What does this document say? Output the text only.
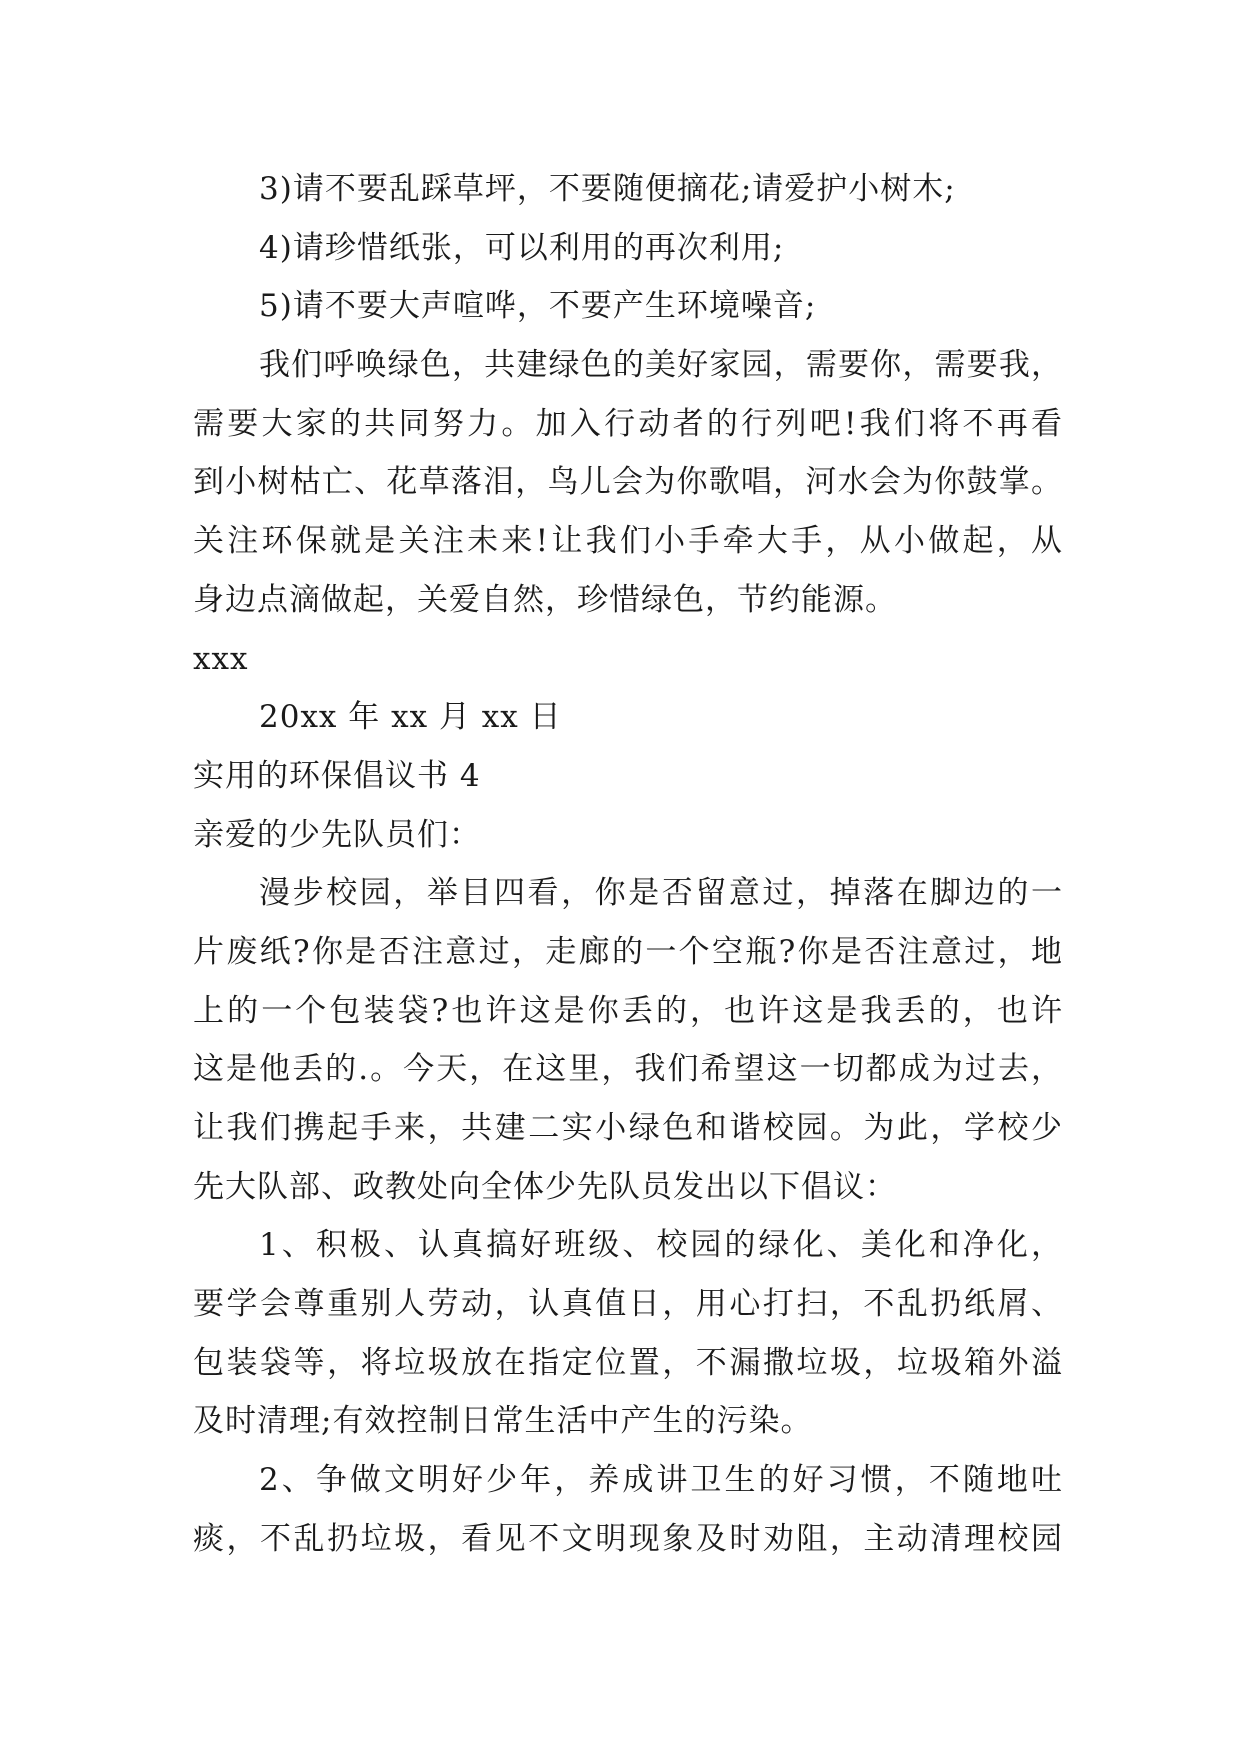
3)请不要乱踩草坪，不要随便摘花;请爱护小树木;
4)请珍惜纸张，可以利用的再次利用;
5)请不要大声喧哗，不要产生环境噪音;
我们呼唤绿色，共建绿色的美好家园，需要你，需要我，
需要大家的共同努力。加入行动者的行列吧!我们将不再看
到小树枯亡、花草落泪，鸟儿会为你歌唱，河水会为你鼓掌。
关注环保就是关注未来!让我们小手牵大手，从小做起，从
身边点滴做起，关爱自然，珍惜绿色，节约能源。
xxx
20xx 年 xx 月 xx 日
实用的环保倡议书 4
亲爱的少先队员们：
漫步校园，举目四看，你是否留意过，掉落在脚边的一
片废纸?你是否注意过，走廊的一个空瓶?你是否注意过，地
上的一个包装袋?也许这是你丢的，也许这是我丢的，也许
这是他丢的.。今天，在这里，我们希望这一切都成为过去，
让我们携起手来，共建二实小绿色和谐校园。为此，学校少
先大队部、政教处向全体少先队员发出以下倡议：
1、积极、认真搞好班级、校园的绿化、美化和净化，
要学会尊重别人劳动，认真值日，用心打扫，不乱扔纸屑、
包装袋等，将垃圾放在指定位置，不漏撒垃圾，垃圾箱外溢
及时清理;有效控制日常生活中产生的污染。
2、争做文明好少年，养成讲卫生的好习惯，不随地吐
痰，不乱扔垃圾，看见不文明现象及时劝阻，主动清理校园
